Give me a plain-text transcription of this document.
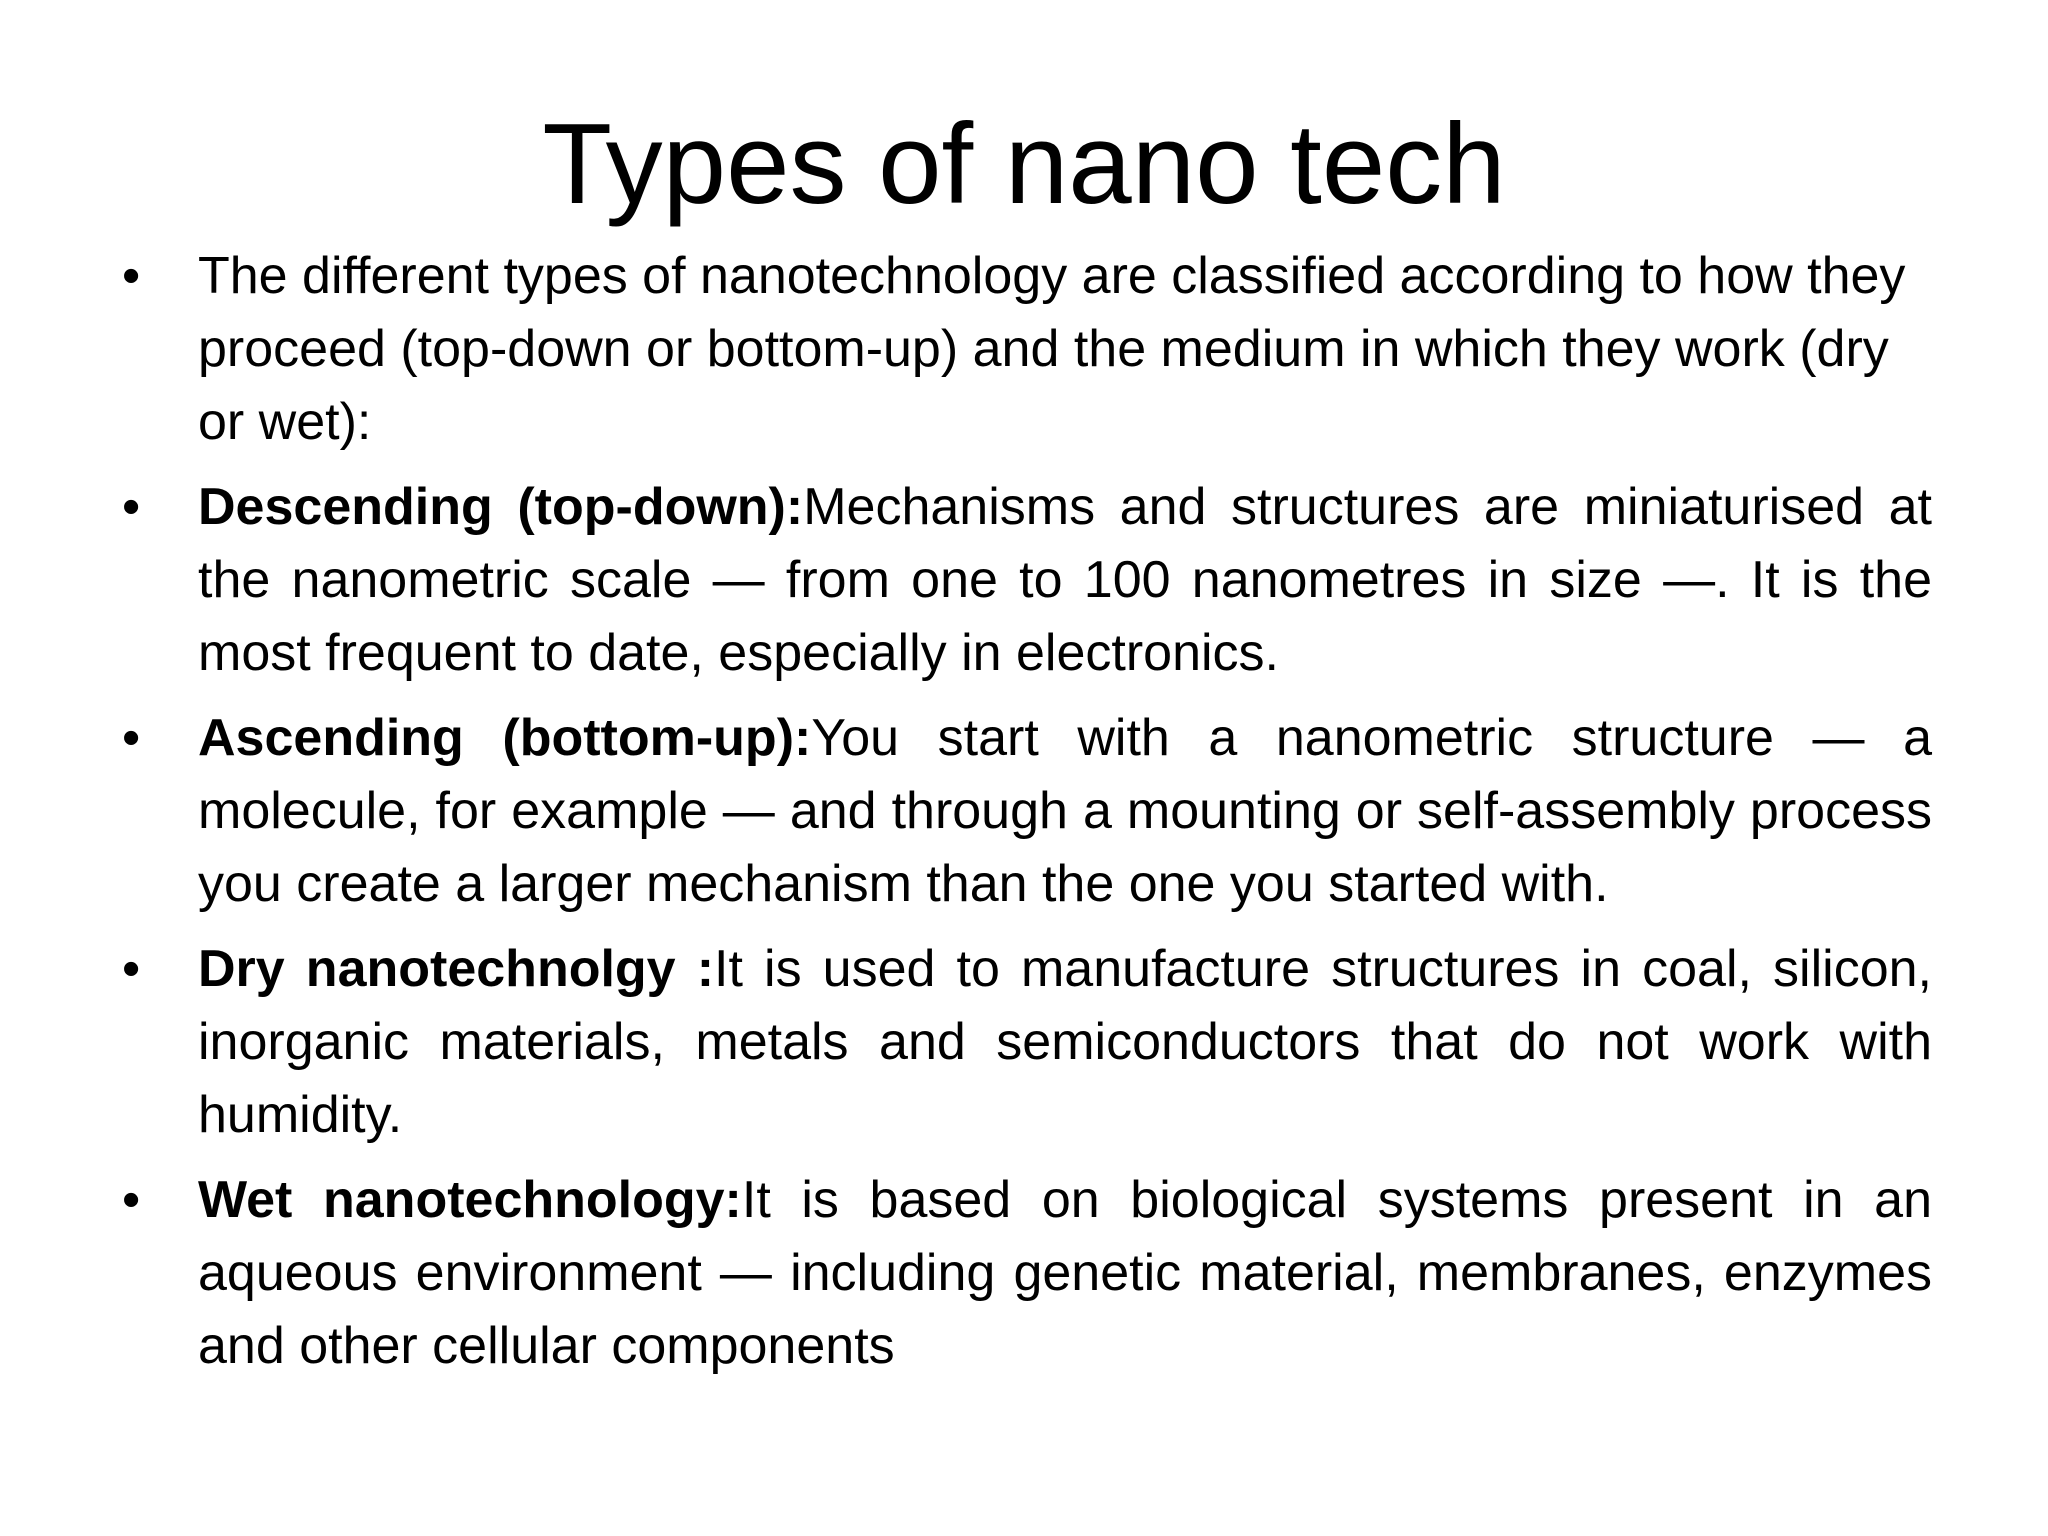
Types of nano tech
•	The different types of nanotechnology are classified according to how they proceed (top-down or bottom-up) and the medium in which they work (dry or wet):
•	Descending (top-down):Mechanisms and structures are miniaturised at the nanometric scale — from one to 100 nanometres in size —. It is the most frequent to date, especially in electronics.
•	Ascending (bottom-up):You start with a nanometric structure — a molecule, for example — and through a mounting or self-assembly process you create a larger mechanism than the one you started with.
•	Dry nanotechnolgy :It is used to manufacture structures in coal, silicon, inorganic materials, metals and semiconductors that do not work with humidity.
•	Wet nanotechnology:It is based on biological systems present in an aqueous environment — including genetic material, membranes, enzymes and other cellular components
